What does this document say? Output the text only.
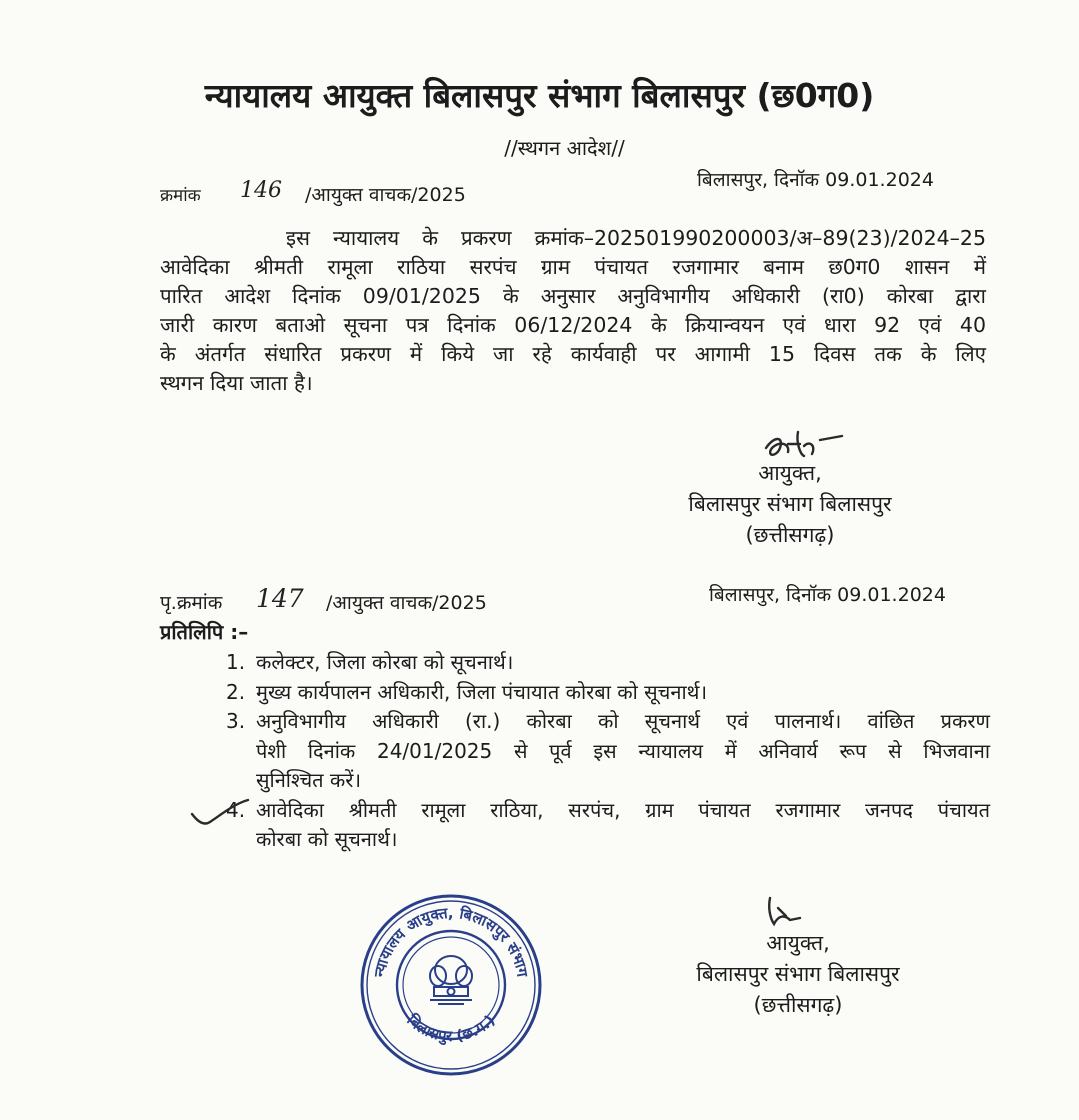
न्यायालय आयुक्त बिलासपुर संभाग बिलासपुर (छ0ग0)
//स्थगन आदेश//
क्रमांक 146 /आयुक्त वाचक/2025
बिलासपुर, दिनॉक 09.01.2024
इस न्यायालय के प्रकरण क्रमांक–202501990200003/अ–89(23)/2024–25
आवेदिका श्रीमती रामूला राठिया सरपंच ग्राम पंचायत रजगामार बनाम छ0ग0 शासन में
पारित आदेश दिनांक 09/01/2025 के अनुसार अनुविभागीय अधिकारी (रा0) कोरबा द्वारा
जारी कारण बताओ सूचना पत्र दिनांक 06/12/2024 के क्रियान्वयन एवं धारा 92 एवं 40
के अंतर्गत संधारित प्रकरण में किये जा रहे कार्यवाही पर आगामी 15 दिवस तक के लिए
स्थगन दिया जाता है।
आयुक्त,
बिलासपुर संभाग बिलासपुर
(छत्तीसगढ़)
पृ.क्रमांक 147 /आयुक्त वाचक/2025	बिलासपुर, दिनॉक 09.01.2024
प्रतिलिपि :–
1. कलेक्टर, जिला कोरबा को सूचनार्थ।
2. मुख्य कार्यपालन अधिकारी, जिला पंचायात कोरबा को सूचनार्थ।
3. अनुविभागीय अधिकारी (रा.) कोरबा को सूचनार्थ एवं पालनार्थ। वांछित प्रकरण
पेशी दिनांक 24/01/2025 से पूर्व इस न्यायालय में अनिवार्य रूप से भिजवाना
सुनिश्चित करें।
4. आवेदिका श्रीमती रामूला राठिया, सरपंच, ग्राम पंचायत रजगामार जनपद पंचायत
कोरबा को सूचनार्थ।
न्यायालय आयुक्त, बिलासपुर संभाग
बिलासपुर (छ.ग.)
आयुक्त,
बिलासपुर संभाग बिलासपुर
(छत्तीसगढ़)
